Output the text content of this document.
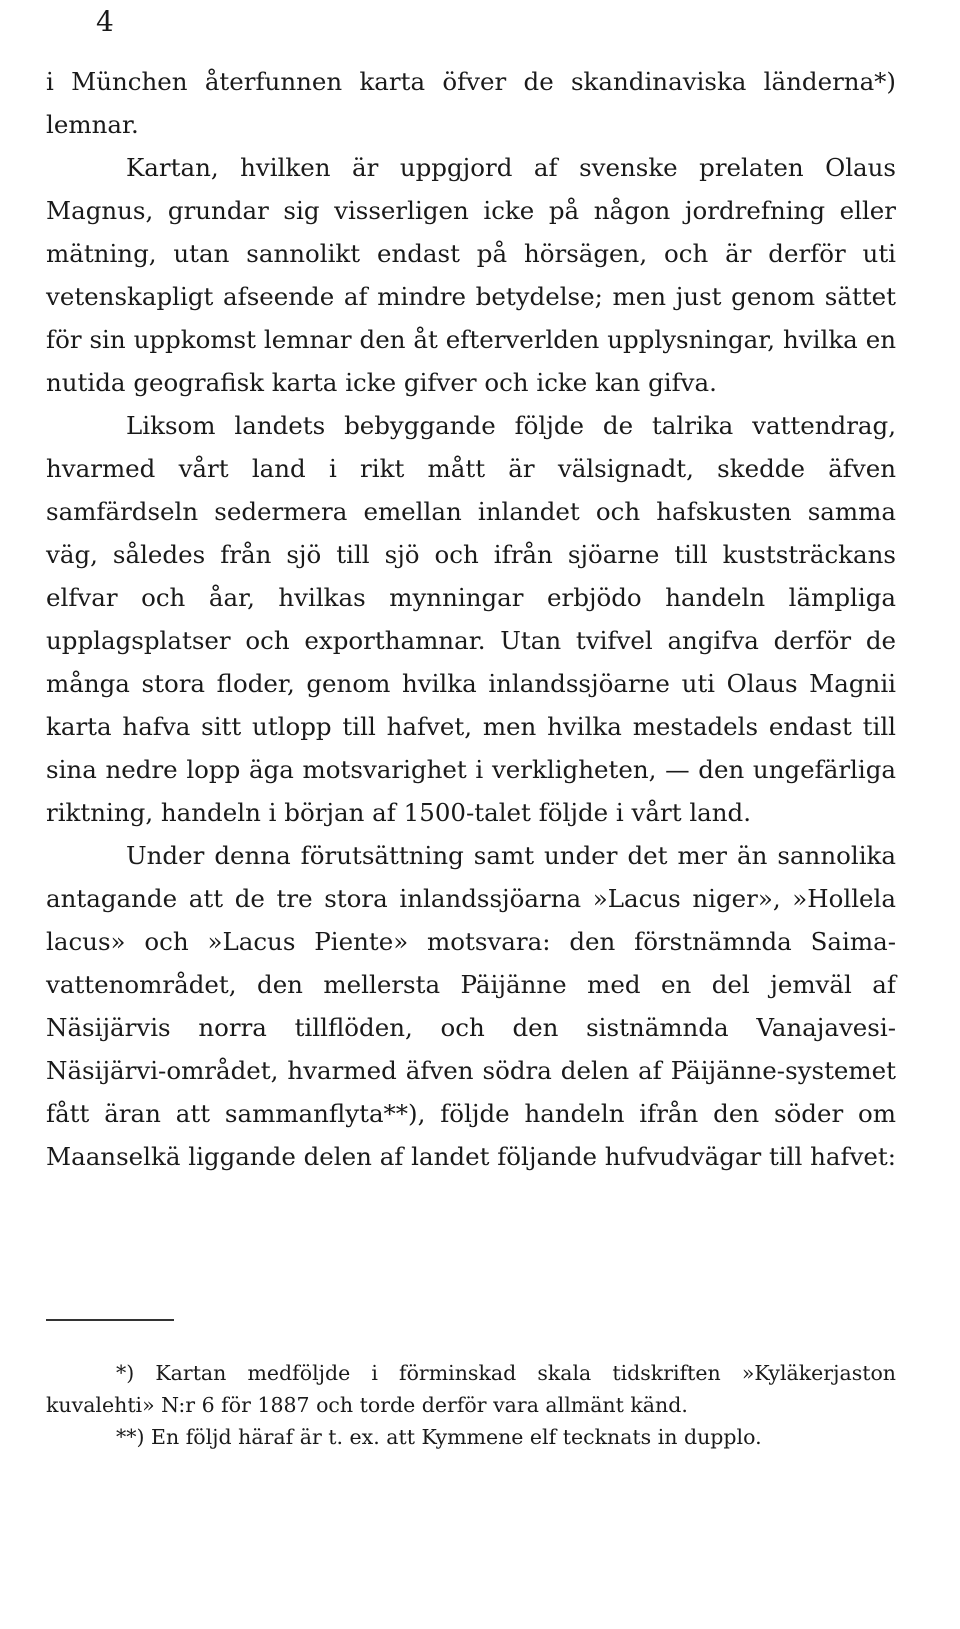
4

i München återfunnen karta öfver de skandinaviska länderna*) lemnar.

Kartan, hvilken är uppgjord af svenske prelaten Olaus Magnus, grundar sig visserligen icke på någon jordrefning eller mätning, utan sannolikt endast på hörsägen, och är derför uti vetenskapligt afseende af mindre betydelse; men just genom sättet för sin uppkomst lemnar den åt efterverlden upplysningar, hvilka en nutida geografisk karta icke gifver och icke kan gifva.

Liksom landets bebyggande följde de talrika vattendrag, hvarmed vårt land i rikt mått är välsignadt, skedde äfven samfärdseln sedermera emellan inlandet och hafskusten samma väg, således från sjö till sjö och ifrån sjöarne till kuststräckans elfvar och åar, hvilkas mynningar erbjödo handeln lämpliga upplagsplatser och exporthamnar. Utan tvifvel angifva derför de många stora floder, genom hvilka inlandssjöarne uti Olaus Magnii karta hafva sitt utlopp till hafvet, men hvilka mestadels endast till sina nedre lopp äga motsvarighet i verkligheten, — den ungefärliga riktning, handeln i början af 1500-talet följde i vårt land.

Under denna förutsättning samt under det mer än sannolika antagande att de tre stora inlandssjöarna »Lacus niger», »Hollela lacus» och »Lacus Piente» motsvara: den förstnämnda Saima-vattenområdet, den mellersta Päijänne med en del jemväl af Näsijärvis norra tillflöden, och den sistnämnda Vanajavesi-Näsijärvi-området, hvarmed äfven södra delen af Päijänne-systemet fått äran att sammanflyta**), följde handeln ifrån den söder om Maanselkä liggande delen af landet följande hufvudvägar till hafvet:

*) Kartan medföljde i förminskad skala tidskriften »Kyläkerjaston kuvalehti» N:r 6 för 1887 och torde derför vara allmänt känd.

**) En följd häraf är t. ex. att Kymmene elf tecknats in dupplo.
